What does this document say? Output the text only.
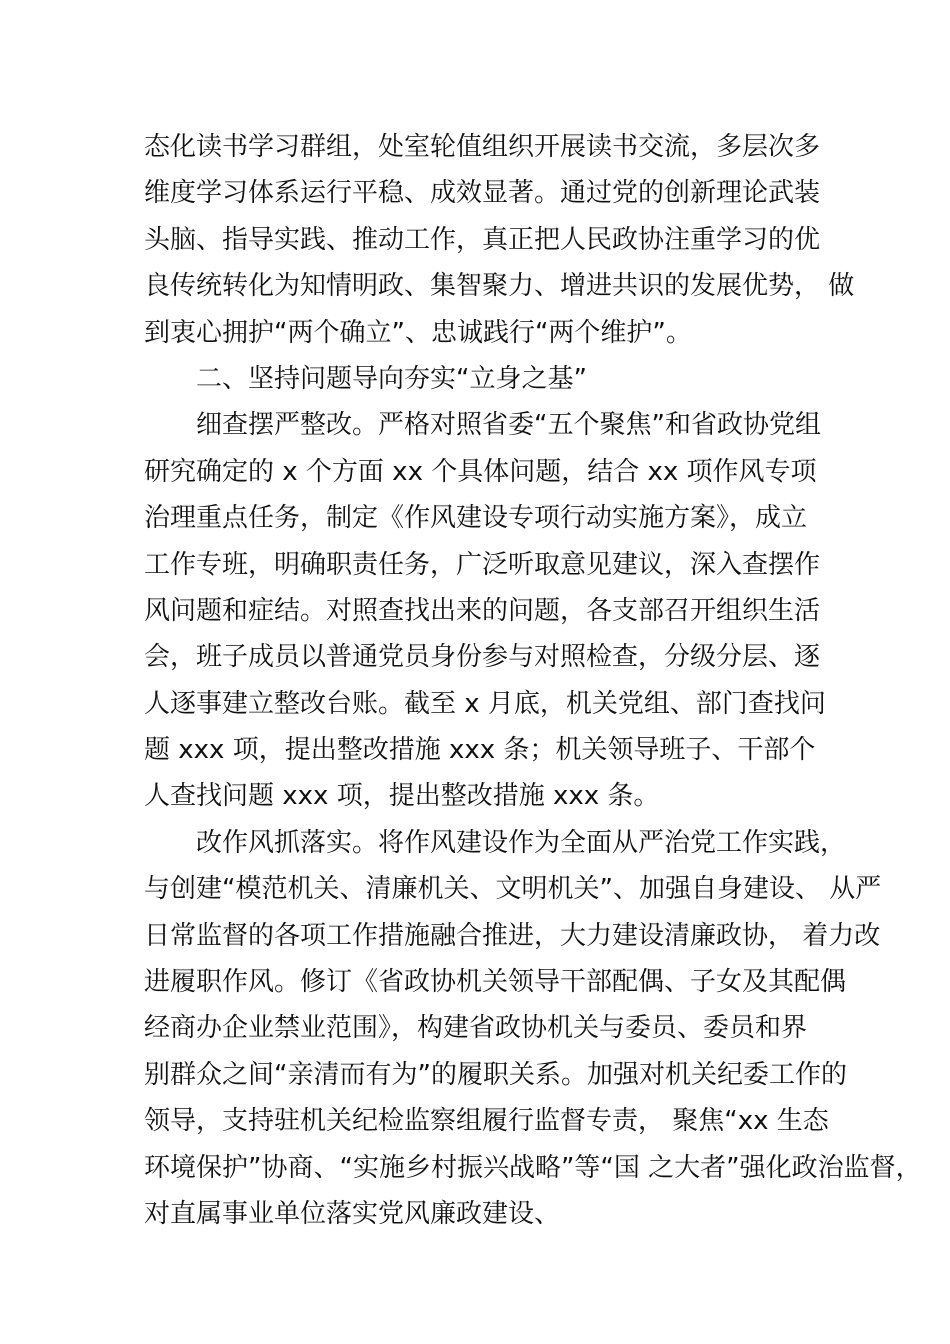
态化读书学习群组，处室轮值组织开展读书交流，多层次多
维度学习体系运行平稳、成效显著。通过党的创新理论武装
头脑、指导实践、推动工作，真正把人民政协注重学习的优
良传统转化为知情明政、集智聚力、增进共识的发展优势， 做
到衷心拥护“两个确立”、忠诚践行“两个维护”。
二、坚持问题导向夯实“立身之基”
细查摆严整改。严格对照省委“五个聚焦”和省政协党组
研究确定的 x 个方面 xx 个具体问题，结合 xx 项作风专项
治理重点任务，制定《作风建设专项行动实施方案》，成立
工作专班，明确职责任务，广泛听取意见建议，深入查摆作
风问题和症结。对照查找出来的问题，各支部召开组织生活
会，班子成员以普通党员身份参与对照检查，分级分层、逐
人逐事建立整改台账。截至 x 月底，机关党组、部门查找问
题 xxx 项，提出整改措施 xxx 条；机关领导班子、干部个
人查找问题 xxx 项，提出整改措施 xxx 条。
改作风抓落实。将作风建设作为全面从严治党工作实践，
与创建“模范机关、清廉机关、文明机关”、加强自身建设、 从严
日常监督的各项工作措施融合推进，大力建设清廉政协， 着力改
进履职作风。修订《省政协机关领导干部配偶、子女及其配偶
经商办企业禁业范围》，构建省政协机关与委员、委员和界
别群众之间“亲清而有为”的履职关系。加强对机关纪委工作的
领导，支持驻机关纪检监察组履行监督专责， 聚焦“xx 生态
环境保护”协商、“实施乡村振兴战略”等“国 之大者”强化政治监督，
对直属事业单位落实党风廉政建设、
